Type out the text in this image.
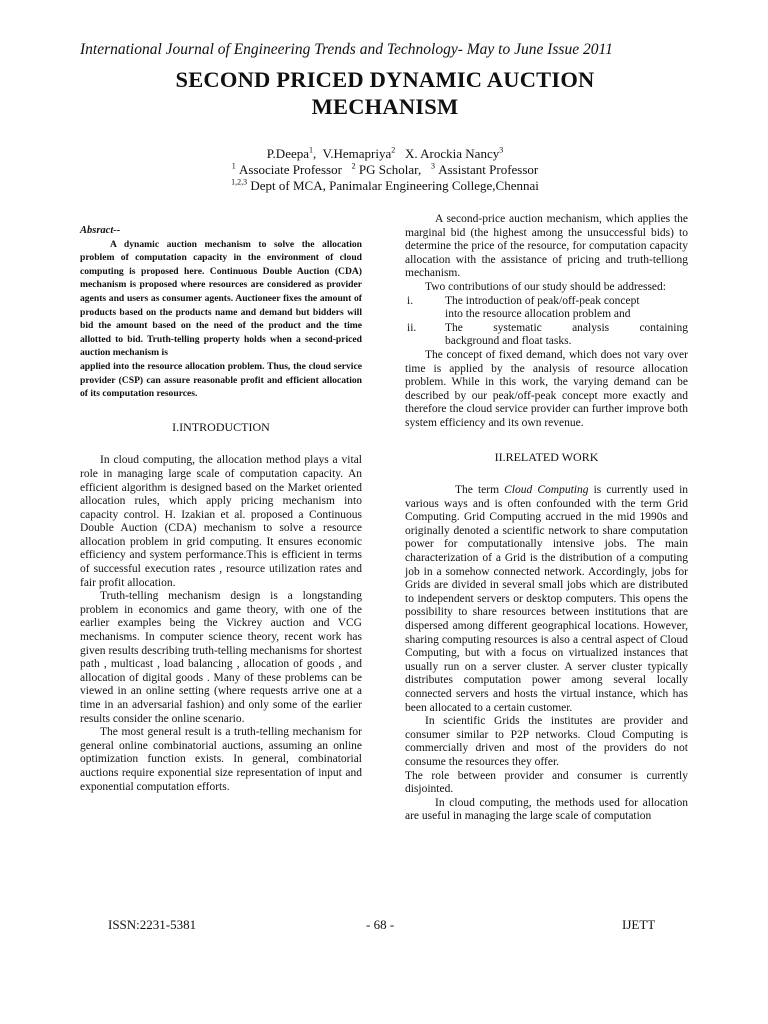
International Journal of Engineering Trends and Technology- May to June Issue 2011
SECOND PRICED DYNAMIC AUCTION
MECHANISM
P.Deepa$^1$,  V.Hemapriya$^2$ X. Arockia Nancy$^3$
$^1$ Associate Professor $^2$ PG Scholar, $^3$ Assistant Professor
$^{1,2,3}$ Dept of MCA, Panimalar Engineering College,Chennai

Absract--

A dynamic auction mechanism to solve the allocation problem of computation capacity in the environment of cloud computing is proposed here. Continuous Double Auction (CDA) mechanism is proposed where resources are considered as provider agents and users as consumer agents. Auctioneer fixes the amount of products based on the products name and demand but bidders will bid the amount based on the need of the product and the time allotted to bid. Truth-telling property holds when a second-priced auction mechanism is

applied into the resource allocation problem. Thus, the cloud service provider (CSP) can assure reasonable profit and efficient allocation of its computation resources.

I.INTRODUCTION

In cloud computing, the allocation method plays a vital role in managing large scale of computation capacity. An efficient algorithm is designed based on the Market oriented allocation rules, which apply pricing mechanism into capacity control. H. Izakian et al. proposed a Continuous Double Auction (CDA) mechanism to solve a resource allocation problem in grid computing. It ensures economic efficiency and system performance.This is efficient in terms of successful execution rates , resource utilization rates and fair profit allocation.

Truth-telling mechanism design is a longstanding problem in economics and game theory, with one of the earlier examples being the Vickrey auction and VCG mechanisms. In computer science theory, recent work has given results describing truth-telling mechanisms for shortest path , multicast , load balancing , allocation of goods , and allocation of digital goods . Many of these problems can be viewed in an online setting (where requests arrive one at a time in an adversarial fashion) and only some of the earlier results consider the online scenario.

The most general result is a truth-telling mechanism for general online combinatorial auctions, assuming an online optimization function exists. In general, combinatorial auctions require exponential size representation of input and exponential computation efforts.

A second-price auction mechanism, which applies the marginal bid (the highest among the unsuccessful bids) to determine the price of the resource, for computation capacity allocation with the assistance of pricing and truth-telliong mechanism.

Two contributions of our study should be addressed:

i.	The introduction of peak/off-peak concept
into the resource allocation problem and
ii.	The	systematic	analysis	containing
background and float tasks.

The concept of fixed demand, which does not vary over time is applied by the analysis of resource allocation problem. While in this work, the varying demand can be described by our peak/off-peak concept more exactly and therefore the cloud service provider can further improve both system efficiency and its own revenue.

II.RELATED WORK

The term Cloud Computing is currently used in various ways and is often confounded with the term Grid Computing. Grid Computing accrued in the mid 1990s and originally denoted a scientific network to share computation power for computationally intensive jobs. The main characterization of a Grid is the distribution of a computing job in a somehow connected network. Accordingly, jobs for Grids are divided in several small jobs which are distributed to independent servers or desktop computers. This opens the possibility to share resources between institutions that are dispersed among different geographical locations. However, sharing computing resources is also a central aspect of Cloud Computing, but with a focus on virtualized instances that usually run on a server cluster. A server cluster typically distributes computation power among several locally connected servers and hosts the virtual instance, which has been allocated to a certain customer.

In scientific Grids the institutes are provider and consumer similar to P2P networks. Cloud Computing is commercially driven and most of the providers do not consume the resources they offer.

The role between provider and consumer is currently disjointed.

In cloud computing, the methods used for allocation are useful in managing the large scale of computation

ISSN:2231-5381	- 68 -	IJETT
